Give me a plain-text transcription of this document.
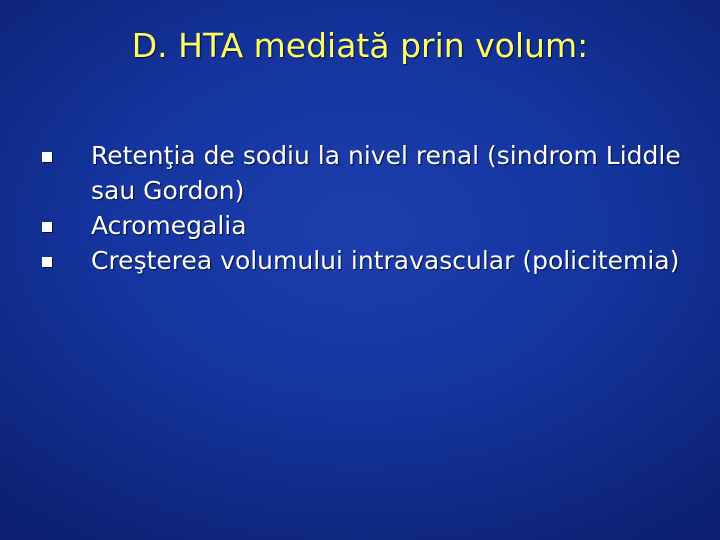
D. HTA mediată prin volum:
Retenţia de sodiu la nivel renal (sindrom Liddle sau Gordon)
Acromegalia
Creşterea volumului intravascular (policitemia)
